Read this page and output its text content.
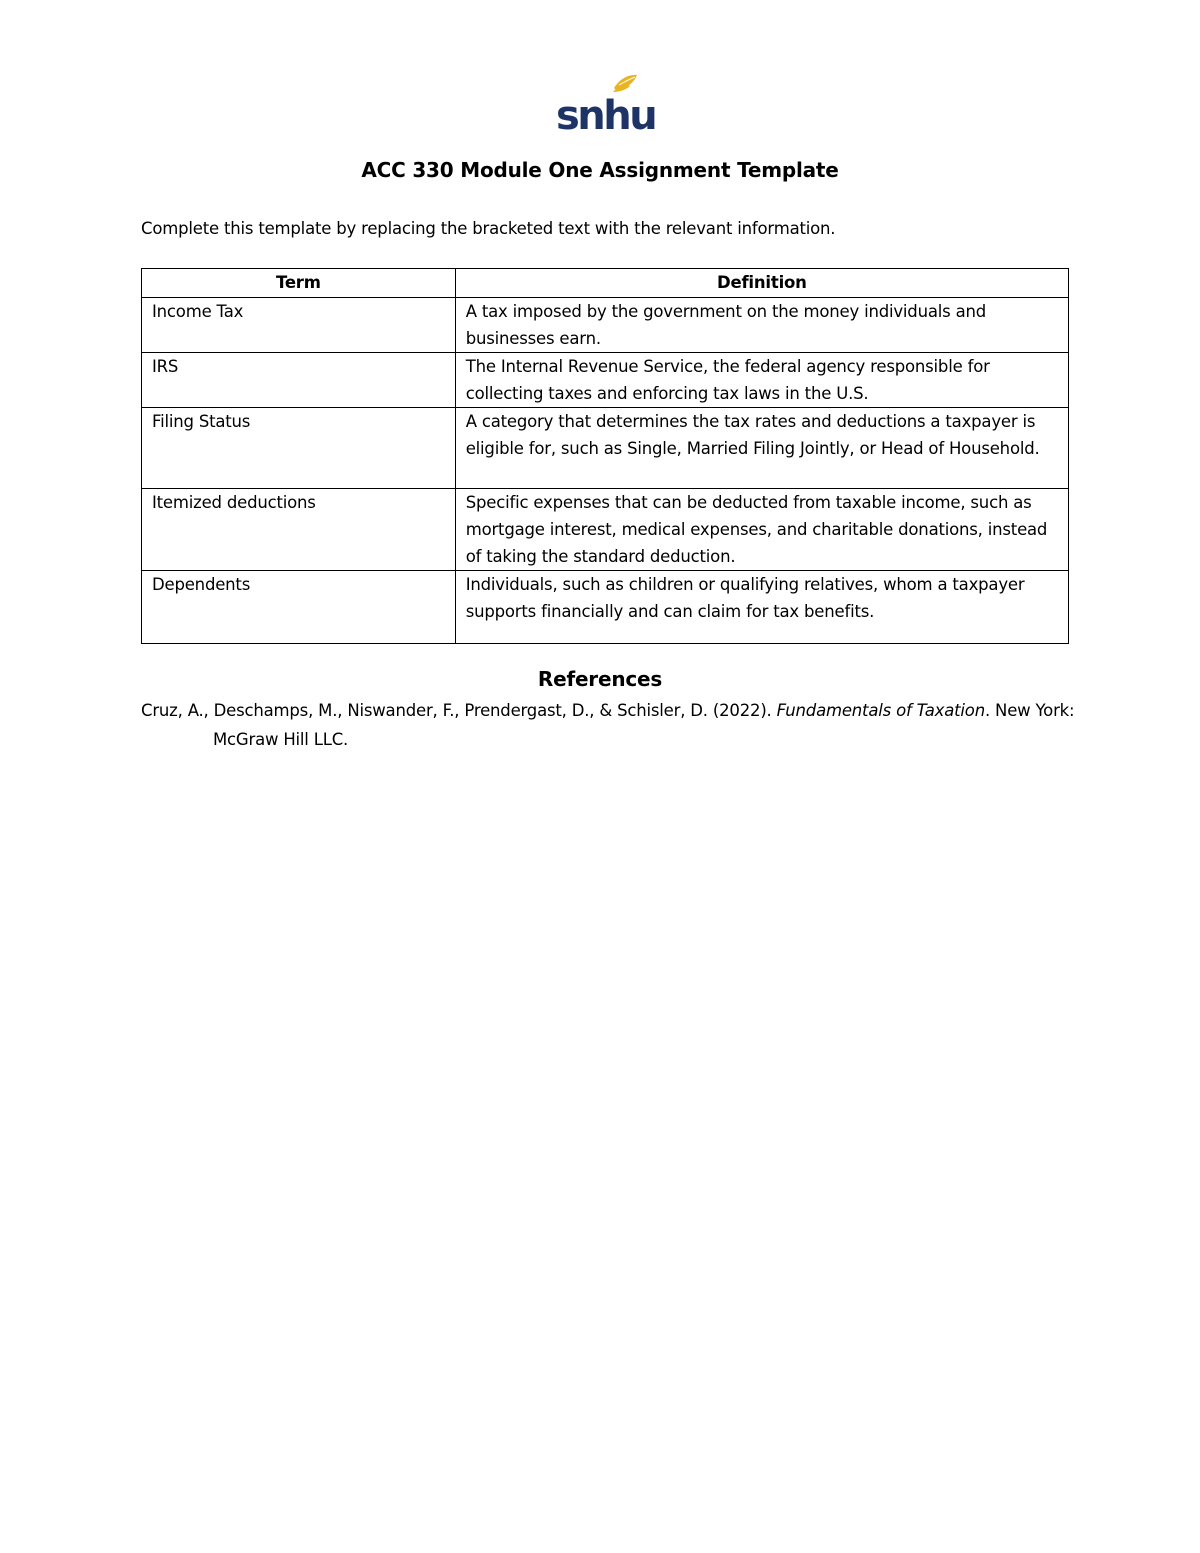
snhu
ACC 330 Module One Assignment Template
Complete this template by replacing the bracketed text with the relevant information.
Term	Definition
Income Tax	A tax imposed by the government on the money individuals and businesses earn.
IRS	The Internal Revenue Service, the federal agency responsible for collecting taxes and enforcing tax laws in the U.S.
Filing Status	A category that determines the tax rates and deductions a taxpayer is eligible for, such as Single, Married Filing Jointly, or Head of Household.
Itemized deductions	Specific expenses that can be deducted from taxable income, such as mortgage interest, medical expenses, and charitable donations, instead of taking the standard deduction.
Dependents	Individuals, such as children or qualifying relatives, whom a taxpayer supports financially and can claim for tax benefits.
References
Cruz, A., Deschamps, M., Niswander, F., Prendergast, D., & Schisler, D. (2022). Fundamentals of Taxation. New York: McGraw Hill LLC.
